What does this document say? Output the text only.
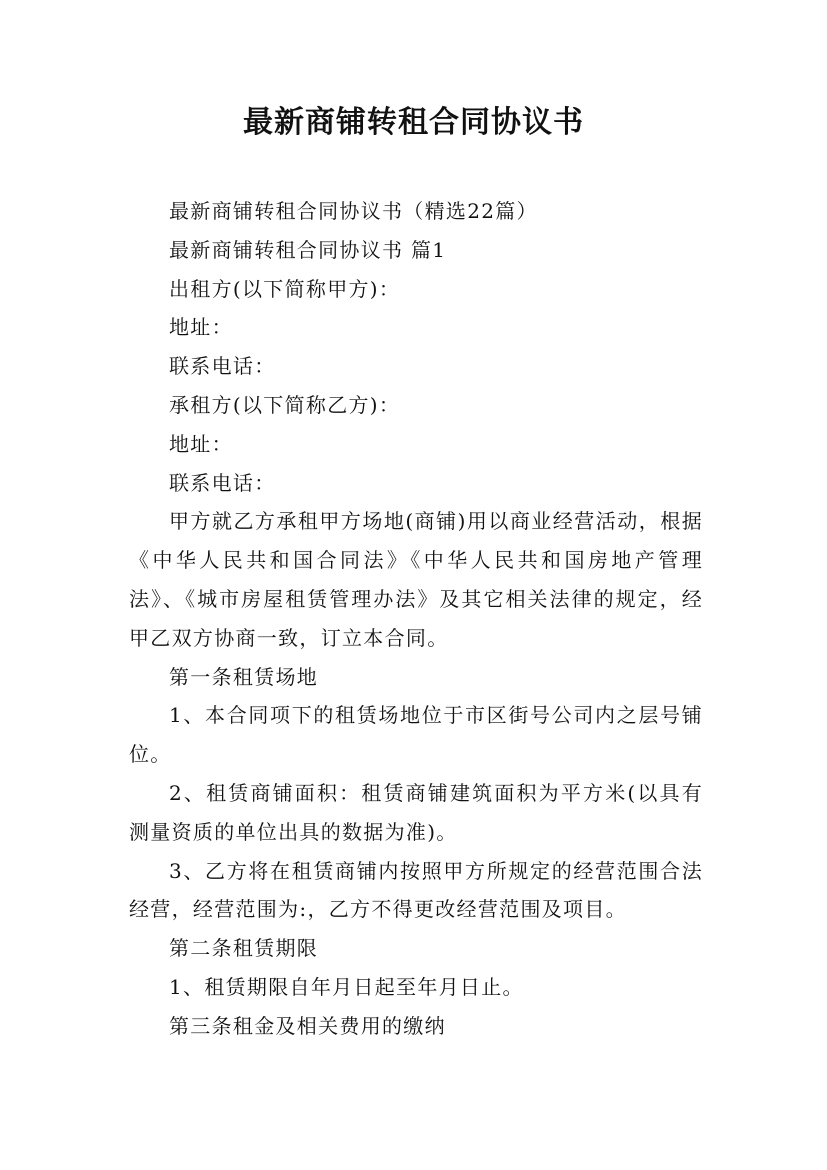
最新商铺转租合同协议书

最新商铺转租合同协议书（精选22篇）

最新商铺转租合同协议书 篇1

出租方(以下简称甲方)：

地址：

联系电话：

承租方(以下简称乙方)：

地址：

联系电话：

甲方就乙方承租甲方场地(商铺)用以商业经营活动，根据《中华人民共和国合同法》《中华人民共和国房地产管理法》、《城市房屋租赁管理办法》及其它相关法律的规定，经甲乙双方协商一致，订立本合同。

第一条租赁场地

1、本合同项下的租赁场地位于市区街号公司内之层号铺位。

2、租赁商铺面积：租赁商铺建筑面积为平方米(以具有测量资质的单位出具的数据为准)。

3、乙方将在租赁商铺内按照甲方所规定的经营范围合法经营，经营范围为:，乙方不得更改经营范围及项目。

第二条租赁期限

1、租赁期限自年月日起至年月日止。

第三条租金及相关费用的缴纳
